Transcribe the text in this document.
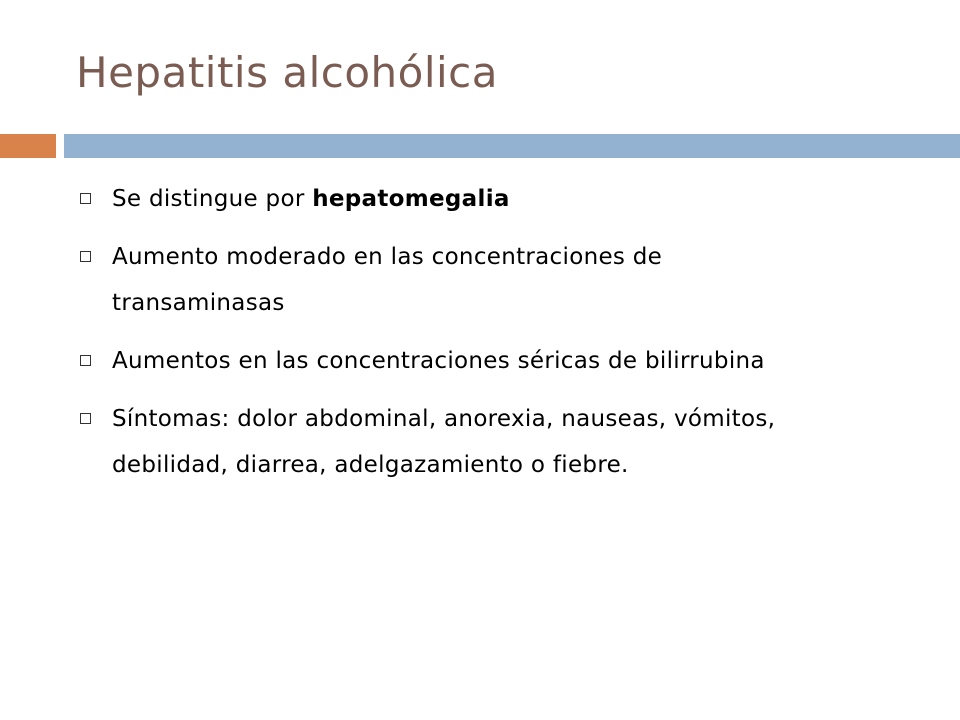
Hepatitis alcohólica
Se distingue por hepatomegalia
Aumento moderado en las concentraciones de transaminasas
Aumentos en las concentraciones séricas de bilirrubina
Síntomas: dolor abdominal, anorexia, nauseas, vómitos, debilidad, diarrea, adelgazamiento o fiebre.
